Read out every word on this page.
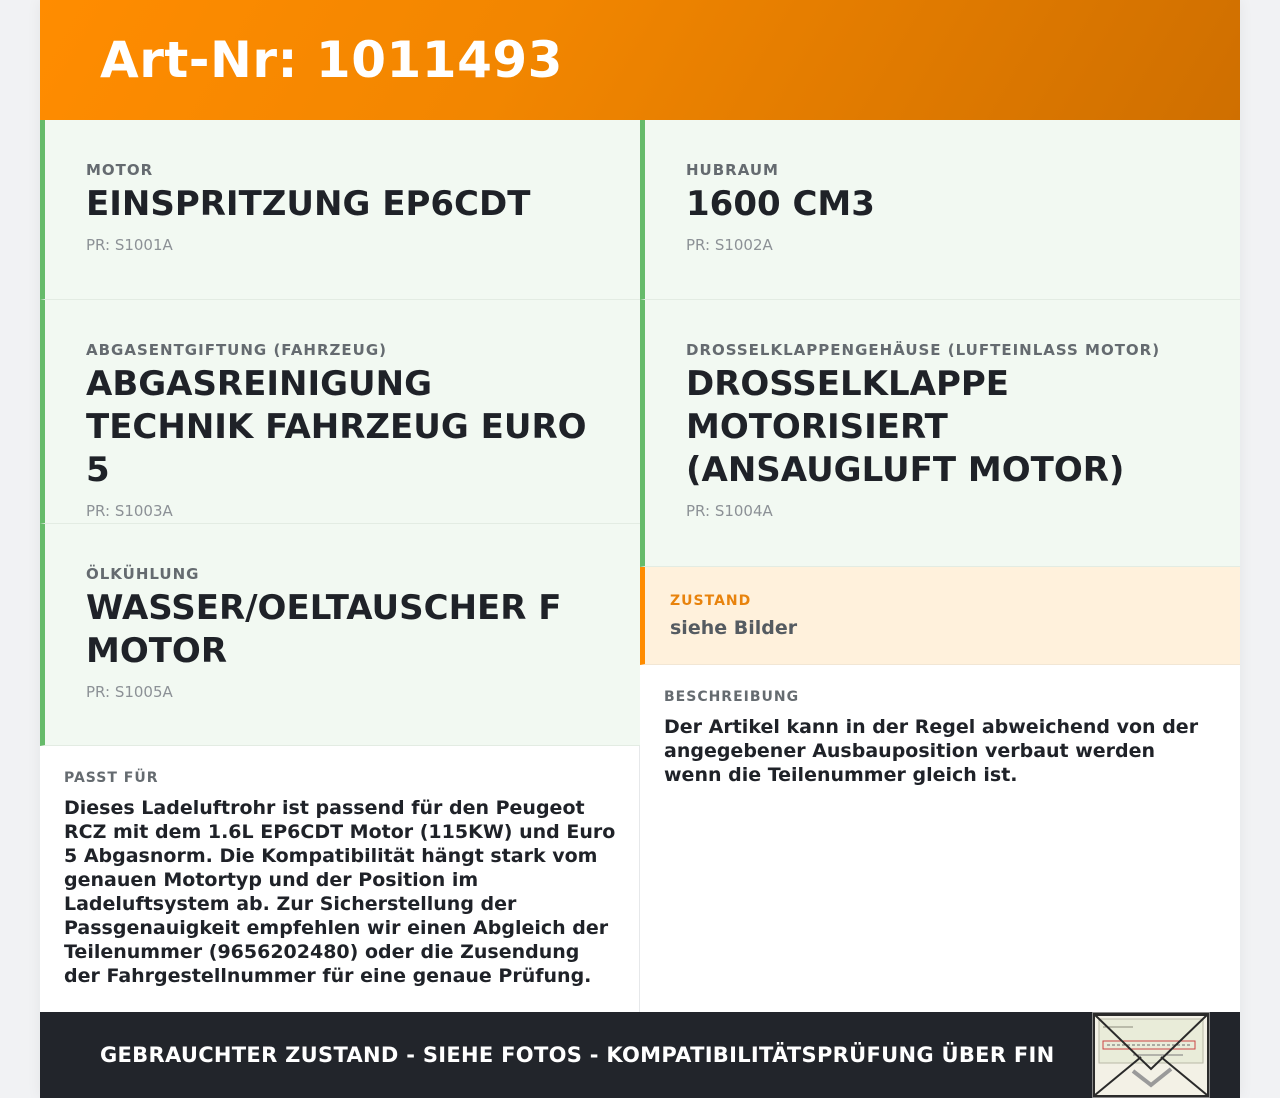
Art-Nr: 1011493
MOTOR
EINSPRITZUNG EP6CDT
PR: S1001A
ABGASENTGIFTUNG (FAHRZEUG)
ABGASREINIGUNG TECHNIK FAHRZEUG EURO 5
PR: S1003A
ÖLKÜHLUNG
WASSER/OELTAUSCHER F MOTOR
PR: S1005A
PASST FÜR
Dieses Ladeluftrohr ist passend für den Peugeot RCZ mit dem 1.6L EP6CDT Motor (115KW) und Euro 5 Abgasnorm. Die Kompatibilität hängt stark vom genauen Motortyp und der Position im Ladeluftsystem ab. Zur Sicherstellung der Passgenauigkeit empfehlen wir einen Abgleich der Teilenummer (9656202480) oder die Zusendung der Fahrgestellnummer für eine genaue Prüfung.
HUBRAUM
1600 CM3
PR: S1002A
DROSSELKLAPPENGEHÄUSE (LUFTEINLASS MOTOR)
DROSSELKLAPPE MOTORISIERT (ANSAUGLUFT MOTOR)
PR: S1004A
ZUSTAND
siehe Bilder
BESCHREIBUNG
Der Artikel kann in der Regel abweichend von der angegebener Ausbauposition verbaut werden wenn die Teilenummer gleich ist.
GEBRAUCHTER ZUSTAND - SIEHE FOTOS - KOMPATIBILITÄTSPRÜFUNG ÜBER FIN
